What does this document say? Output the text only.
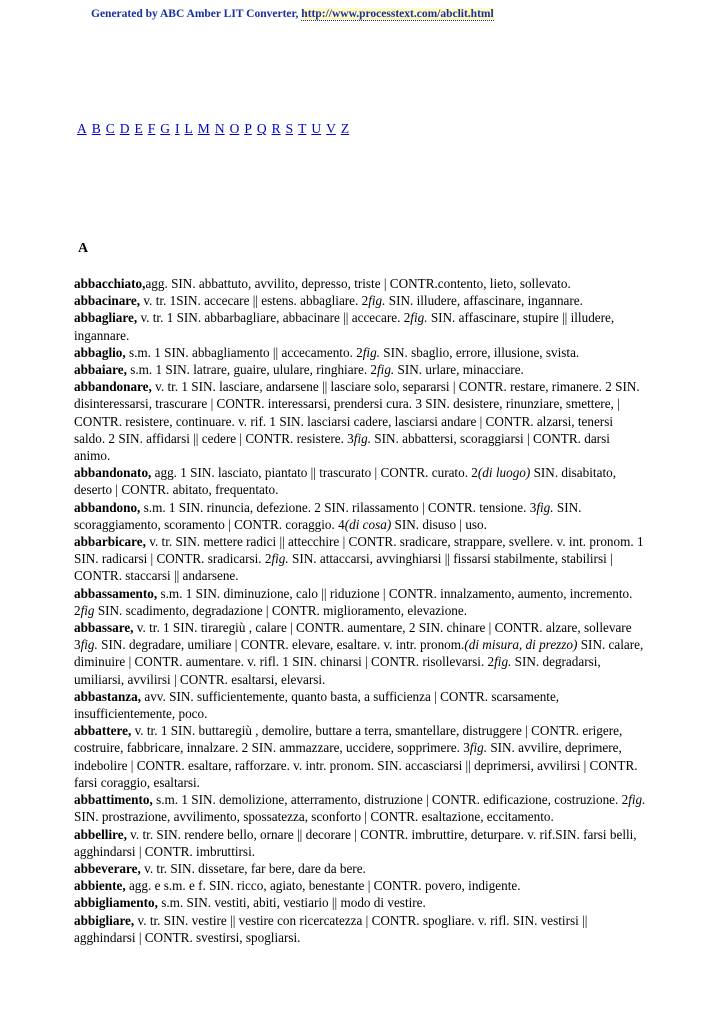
Generated by ABC Amber LIT Converter, http://www.processtext.com/abclit.html
A B C D E F G I L M N O P Q R S T U V Z
A
abbacchiato,agg. SIN. abbattuto, avvilito, depresso, triste | CONTR.contento, lieto, sollevato.
abbacinare, v. tr. 1SIN. accecare || estens. abbagliare. 2fig. SIN. illudere, affascinare, ingannare.
abbagliare, v. tr. 1 SIN. abbarbagliare, abbacinare || accecare. 2fig. SIN. affascinare, stupire || illudere, ingannare.
abbaglio, s.m. 1 SIN. abbagliamento || accecamento. 2fig. SIN. sbaglio, errore, illusione, svista.
abbaiare, s.m. 1 SIN. latrare, guaire, ululare, ringhiare. 2fig. SIN. urlare, minacciare.
abbandonare, v. tr. 1 SIN. lasciare, andarsene || lasciare solo, separarsi | CONTR. restare, rimanere. 2 SIN. disinteressarsi, trascurare | CONTR. interessarsi, prendersi cura. 3 SIN. desistere, rinunziare, smettere, | CONTR. resistere, continuare. v. rif. 1 SIN. lasciarsi cadere, lasciarsi andare | CONTR. alzarsi, tenersi saldo. 2 SIN. affidarsi || cedere | CONTR. resistere. 3fig. SIN. abbattersi, scoraggiarsi | CONTR. darsi animo.
abbandonato, agg. 1 SIN. lasciato, piantato || trascurato | CONTR. curato. 2(di luogo) SIN. disabitato, deserto | CONTR. abitato, frequentato.
abbandono, s.m. 1 SIN. rinuncia, defezione. 2 SIN. rilassamento | CONTR. tensione. 3fig. SIN. scoraggiamento, scoramento | CONTR. coraggio. 4(di cosa) SIN. disuso | uso.
abbarbicare, v. tr. SIN. mettere radici || attecchire | CONTR. sradicare, strappare, svellere. v. int. pronom. 1 SIN. radicarsi | CONTR. sradicarsi. 2fig. SIN. attaccarsi, avvinghiarsi || fissarsi stabilmente, stabilirsi | CONTR. staccarsi || andarsene.
abbassamento, s.m. 1 SIN. diminuzione, calo || riduzione | CONTR. innalzamento, aumento, incremento. 2fig SIN. scadimento, degradazione | CONTR. miglioramento, elevazione.
abbassare, v. tr. 1 SIN. tiraregiù , calare | CONTR. aumentare, 2 SIN. chinare | CONTR. alzare, sollevare 3fig. SIN. degradare, umiliare | CONTR. elevare, esaltare. v. intr. pronom.(di misura, di prezzo) SIN. calare, diminuire | CONTR. aumentare. v. rifl. 1 SIN. chinarsi | CONTR. risollevarsi. 2fig. SIN. degradarsi, umiliarsi, avvilirsi | CONTR. esaltarsi, elevarsi.
abbastanza, avv. SIN. sufficientemente, quanto basta, a sufficienza | CONTR. scarsamente, insufficientemente, poco.
abbattere, v. tr. 1 SIN. buttaregiù , demolire, buttare a terra, smantellare, distruggere | CONTR. erigere, costruire, fabbricare, innalzare. 2 SIN. ammazzare, uccidere, sopprimere. 3fig. SIN. avvilire, deprimere, indebolire | CONTR. esaltare, rafforzare. v. intr. pronom. SIN. accasciarsi || deprimersi, avvilirsi | CONTR. farsi coraggio, esaltarsi.
abbattimento, s.m. 1 SIN. demolizione, atterramento, distruzione | CONTR. edificazione, costruzione. 2fig. SIN. prostrazione, avvilimento, spossatezza, sconforto | CONTR. esaltazione, eccitamento.
abbellire, v. tr. SIN. rendere bello, ornare || decorare | CONTR. imbruttire, deturpare. v. rif.SIN. farsi belli, agghindarsi | CONTR. imbruttirsi.
abbeverare, v. tr. SIN. dissetare, far bere, dare da bere.
abbiente, agg. e s.m. e f. SIN. ricco, agiato, benestante | CONTR. povero, indigente.
abbigliamento, s.m. SIN. vestiti, abiti, vestiario || modo di vestire.
abbigliare, v. tr. SIN. vestire || vestire con ricercatezza | CONTR. spogliare. v. rifl. SIN. vestirsi || agghindarsi | CONTR. svestirsi, spogliarsi.
